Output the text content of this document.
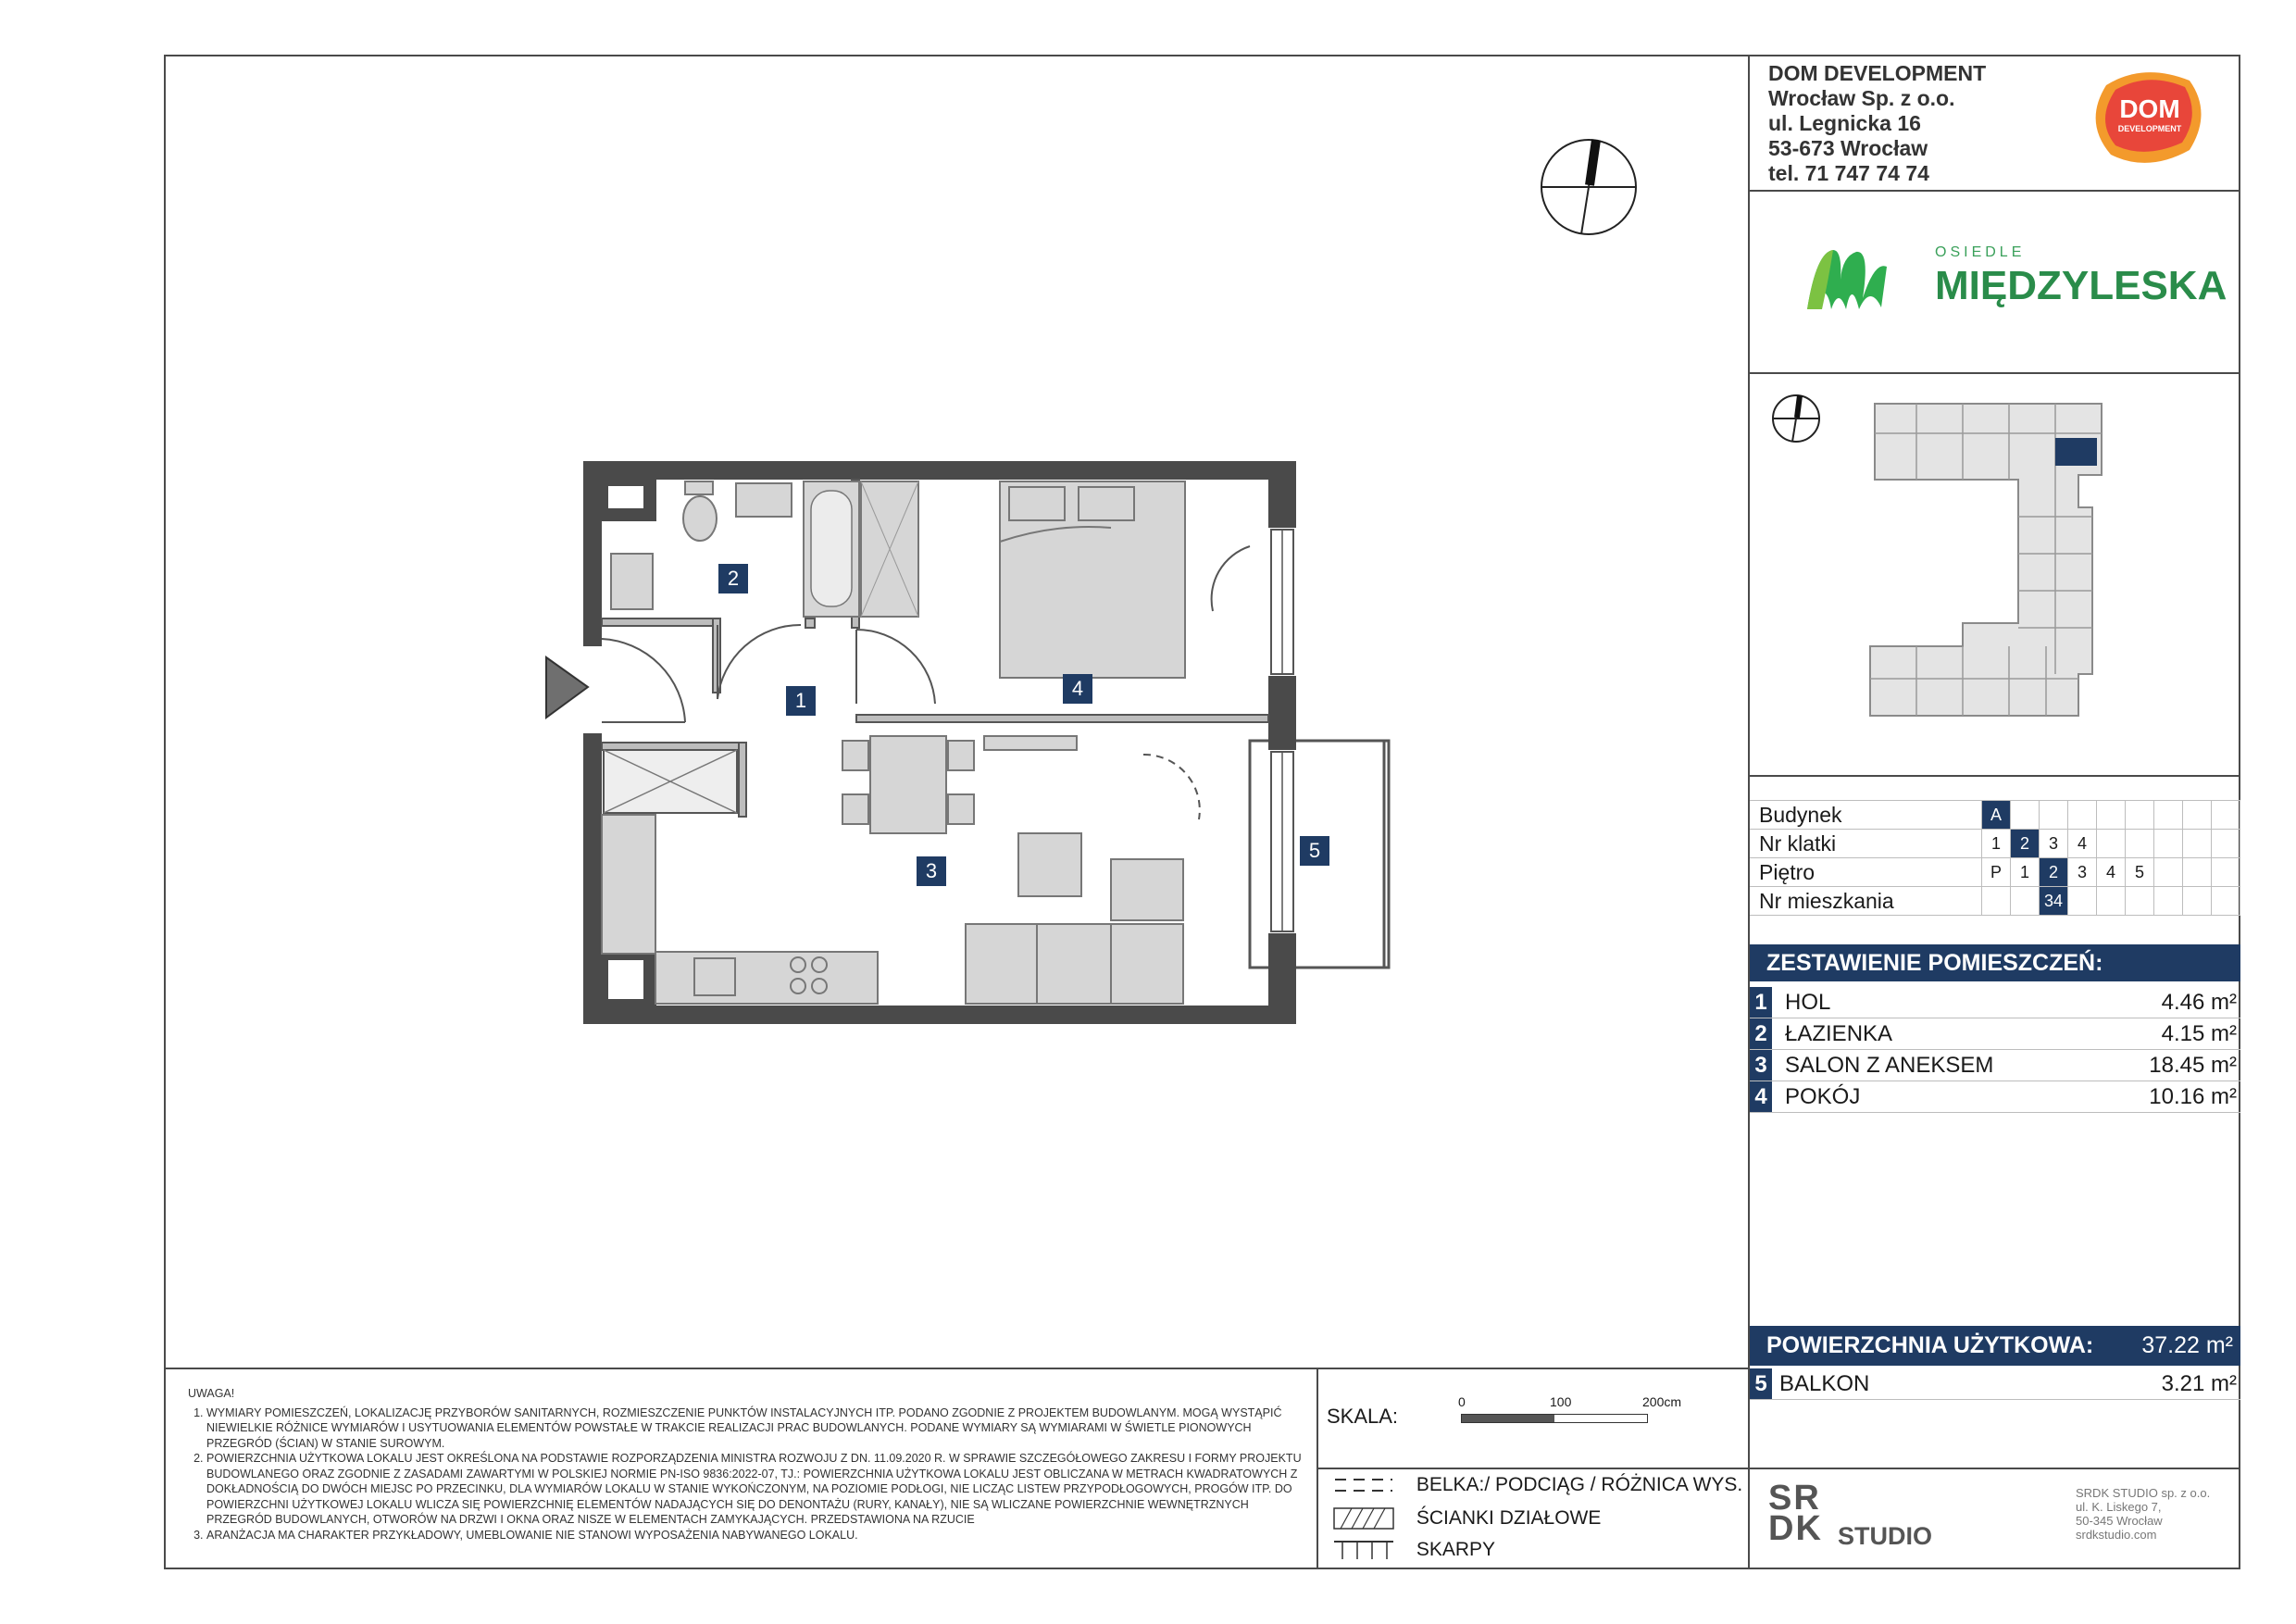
DOM DEVELOPMENT
Wrocław Sp. z o.o.
ul. Legnicka 16
53-673 Wrocław
tel. 71 747 74 74
DOM
DEVELOPMENT
OSIEDLE
MIĘDZYLESKA
Budynek	A								
Nr klatki	1	2	3	4					
Piętro	P	1	2	3	4	5			
Nr mieszkania			34						
ZESTAWIENIE POMIESZCZEŃ:
1 HOL	4.46 m²
2 ŁAZIENKA	4.15 m²
3 SALON Z ANEKSEM	18.45 m²
4 POKÓJ	10.16 m²
POWIERZCHNIA UŻYTKOWA: 37.22 m²
5 BALKON	3.21 m²
2
1
4
3
5
UWAGA!
1. WYMIARY POMIESZCZEŃ, LOKALIZACJĘ PRZYBORÓW SANITARNYCH, ROZMIESZCZENIE PUNKTÓW INSTALACYJNYCH ITP. PODANO ZGODNIE Z PROJEKTEM BUDOWLANYM. MOGĄ WYSTĄPIĆ NIEWIELKIE RÓŻNICE WYMIARÓW I USYTUOWANIA ELEMENTÓW POWSTAŁE W TRAKCIE REALIZACJI PRAC BUDOWLANYCH. PODANE WYMIARY SĄ WYMIARAMI W ŚWIETLE PIONOWYCH PRZEGRÓD (ŚCIAN) W STANIE SUROWYM.
2. POWIERZCHNIA UŻYTKOWA LOKALU JEST OKREŚLONA NA PODSTAWIE ROZPORZĄDZENIA MINISTRA ROZWOJU Z DN. 11.09.2020 R. W SPRAWIE SZCZEGÓŁOWEGO ZAKRESU I FORMY PROJEKTU BUDOWLANEGO ORAZ ZGODNIE Z ZASADAMI ZAWARTYMI W POLSKIEJ NORMIE PN-ISO 9836:2022-07, TJ.: POWIERZCHNIA UŻYTKOWA LOKALU JEST OBLICZANA W METRACH KWADRATOWYCH Z DOKŁADNOŚCIĄ DO DWÓCH MIEJSC PO PRZECINKU, DLA WYMIARÓW LOKALU W STANIE WYKOŃCZONYM, NA POZIOMIE PODŁOGI, NIE LICZĄC LISTEW PRZYPODŁOGOWYCH, PROGÓW ITP. DO POWIERZCHNI UŻYTKOWEJ LOKALU WLICZA SIĘ POWIERZCHNIĘ ELEMENTÓW NADAJĄCYCH SIĘ DO DENONTAŻU (RURY, KANAŁY), NIE SĄ WLICZANE POWIERZCHNIE WEWNĘTRZNYCH PRZEGRÓD BUDOWLANYCH, OTWORÓW NA DRZWI I OKNA ORAZ NISZE W ELEMENTACH ZAMYKAJĄCYCH. PRZEDSTAWIONA NA RZUCIE
3. ARANŻACJA MA CHARAKTER PRZYKŁADOWY, UMEBLOWANIE NIE STANOWI WYPOSAŻENIA NABYWANEGO LOKALU.
SKALA:
0	100	200cm
BELKA:/ PODCIĄG / RÓŻNICA WYS.
ŚCIANKI DZIAŁOWE
SKARPY
SR
DK STUDIO
SRDK STUDIO sp. z o.o.
ul. K. Liskego 7,
50-345 Wrocław
srdkstudio.com
